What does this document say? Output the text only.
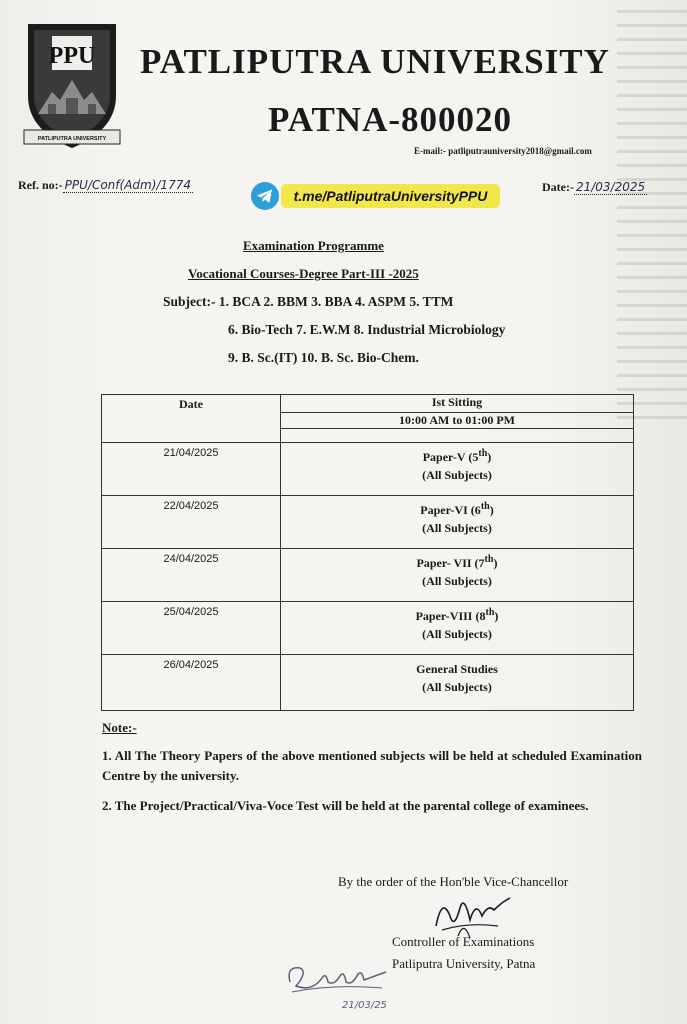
PPU
PATLIPUTRA UNIVERSITY
PATLIPUTRA UNIVERSITY
PATNA-800020
E-mail:- patliputrauniversity2018@gmail.com
Ref. no:- PPU/Conf(Adm)/1774
t.me/PatliputraUniversityPPU
Date:- 21/03/2025
Examination Programme
Vocational Courses-Degree Part-III -2025
Subject:- 1. BCA 2. BBM 3. BBA 4. ASPM 5. TTM
6. Bio-Tech 7. E.W.M 8. Industrial Microbiology
9. B. Sc.(IT) 10. B. Sc. Bio-Chem.
Date	Ist Sitting
	10:00 AM to 01:00 PM

21/04/2025	Paper-V (5th)
(All Subjects)
22/04/2025	Paper-VI (6th)
(All Subjects)
24/04/2025	Paper- VII (7th)
(All Subjects)
25/04/2025	Paper-VIII (8th)
(All Subjects)
26/04/2025	General Studies
(All Subjects)
Note:-
1. All The Theory Papers of the above mentioned subjects will be held at scheduled Examination Centre by the university.
2. The Project/Practical/Viva-Voce Test will be held at the parental college of examinees.
By the order of the Hon'ble Vice-Chancellor
Controller of Examinations
Patliputra University, Patna
21/03/25
